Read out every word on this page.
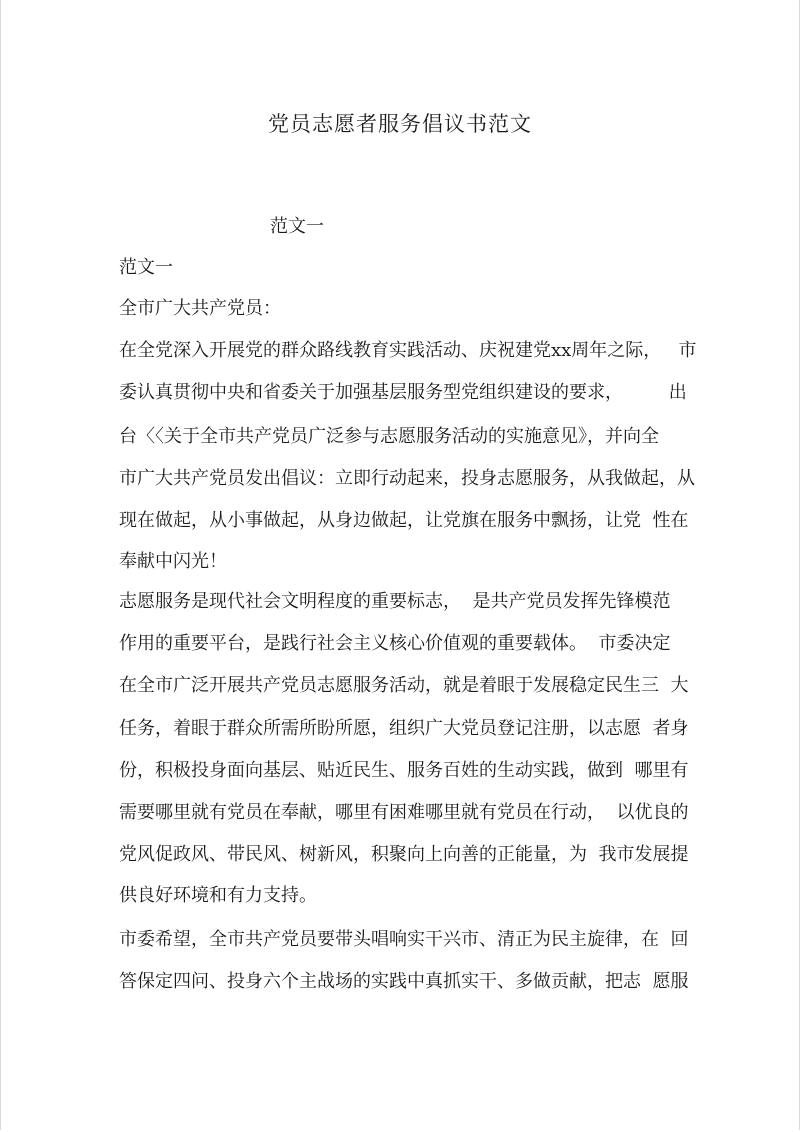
党员志愿者服务倡议书范文
范文一
范文一
全市广大共产党员：
在全党深入开展党的群众路线教育实践活动、庆祝建党xx周年之际，   市
委认真贯彻中央和省委关于加强基层服务型党组织建设的要求，        出
台〈〈关于全市共产党员广泛参与志愿服务活动的实施意见》，并向全
市广大共产党员发出倡议：立即行动起来，投身志愿服务，从我做起，从
现在做起，从小事做起，从身边做起，让党旗在服务中飘扬，让党  性在
奉献中闪光！
志愿服务是现代社会文明程度的重要标志，  是共产党员发挥先锋模范
作用的重要平台，是践行社会主义核心价值观的重要载体。  市委决定
在全市广泛开展共产党员志愿服务活动，就是着眼于发展稳定民生三  大
任务，着眼于群众所需所盼所愿，组织广大党员登记注册，以志愿  者身
份，积极投身面向基层、贴近民生、服务百姓的生动实践，做到  哪里有
需要哪里就有党员在奉献，哪里有困难哪里就有党员在行动，  以优良的
党风促政风、带民风、树新风，积聚向上向善的正能量，为  我市发展提
供良好环境和有力支持。
市委希望，全市共产党员要带头唱响实干兴市、清正为民主旋律，在  回
答保定四问、投身六个主战场的实践中真抓实干、多做贡献，把志  愿服
